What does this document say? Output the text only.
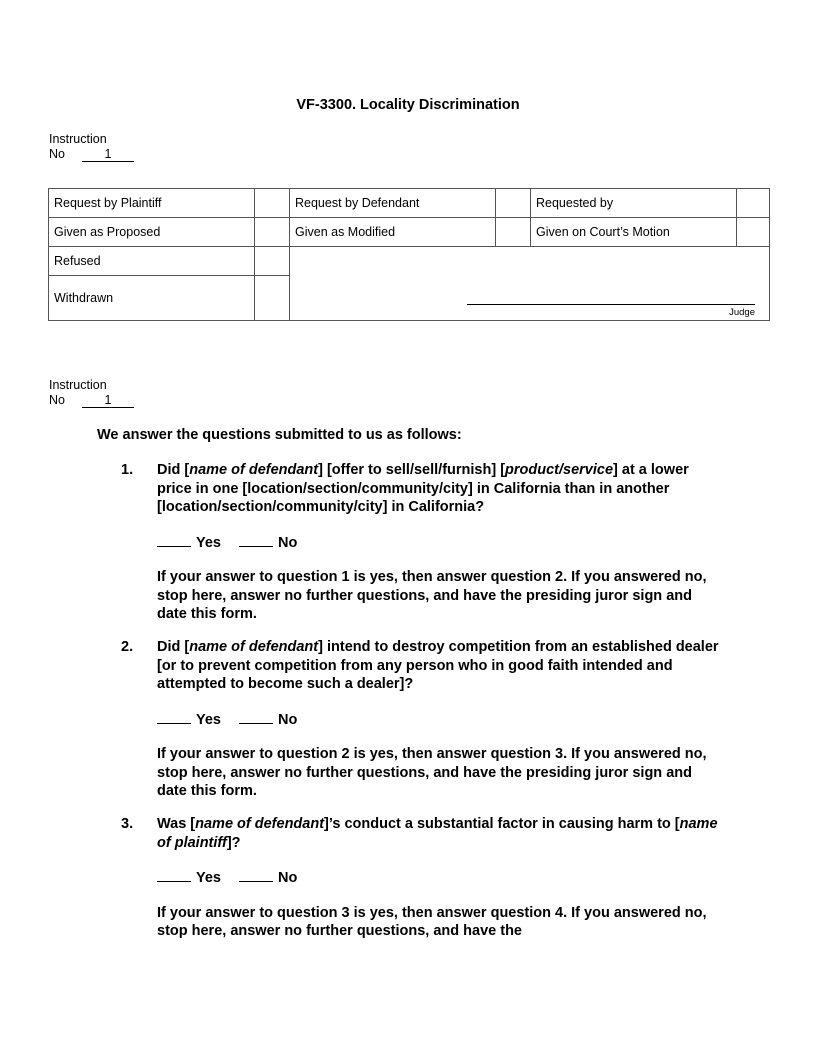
VF-3300. Locality Discrimination
Instruction
No	1
Request by Plaintiff		Request by Defendant		Requested by	
Given as Proposed		Given as Modified		Given on Court’s Motion	
Refused		Judge			

Withdrawn					
Instruction
No	1
We answer the questions submitted to us as follows:
1. Did [name of defendant] [offer to sell/sell/furnish] [product/service] at a lower price in one [location/section/community/city] in California than in another [location/section/community/city] in California?
Yes	No
If your answer to question 1 is yes, then answer question 2. If you answered no, stop here, answer no further questions, and have the presiding juror sign and date this form.
2. Did [name of defendant] intend to destroy competition from an established dealer [or to prevent competition from any person who in good faith intended and attempted to become such a dealer]?
Yes	No
If your answer to question 2 is yes, then answer question 3. If you answered no, stop here, answer no further questions, and have the presiding juror sign and date this form.
3. Was [name of defendant]’s conduct a substantial factor in causing harm to [name of plaintiff]?
Yes	No
If your answer to question 3 is yes, then answer question 4. If you answered no, stop here, answer no further questions, and have the
